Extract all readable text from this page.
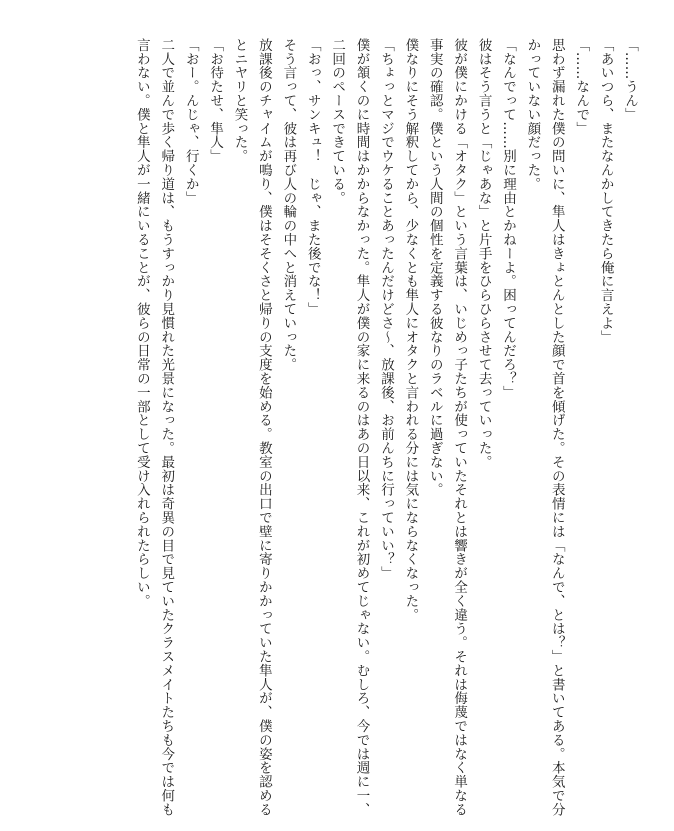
「……うん」

「あいつら、またなんかしてきたら俺に言えよ」

「……なんで」

思わず漏れた僕の問いに、隼人はきょとんとした顔で首を傾げた。その表情には「なんで、とは？」と書いてある。本気で分かっていない顔だった。

「なんでって……別に理由とかねーよ。困ってんだろ？」

彼はそう言うと「じゃあな」と片手をひらひらさせて去っていった。

彼が僕にかける「オタク」という言葉は、いじめっ子たちが使っていたそれとは響きが全く違う。それは侮蔑ではなく単なる事実の確認。僕という人間の個性を定義する彼なりのラベルに過ぎない。

僕なりにそう解釈してから、少なくとも隼人にオタクと言われる分には気にならなくなった。

「ちょっとマジでウケることあったんだけどさ～、放課後、お前んちに行っていい？」

僕が頷くのに時間はかからなかった。隼人が僕の家に来るのはあの日以来、これが初めてじゃない。むしろ、今では週に一、二回のペースできている。

「おっ、サンキュ！　じゃ、また後でな！」

そう言って、彼は再び人の輪の中へと消えていった。

放課後のチャイムが鳴り、僕はそそくさと帰りの支度を始める。教室の出口で壁に寄りかかっていた隼人が、僕の姿を認めるとニヤリと笑った。

「お待たせ、隼人」

「おー。んじゃ、行くか」

二人で並んで歩く帰り道は、もうすっかり見慣れた光景になった。最初は奇異の目で見ていたクラスメイトたちも今では何も言わない。僕と隼人が一緒にいることが、彼らの日常の一部として受け入れられたらしい。
